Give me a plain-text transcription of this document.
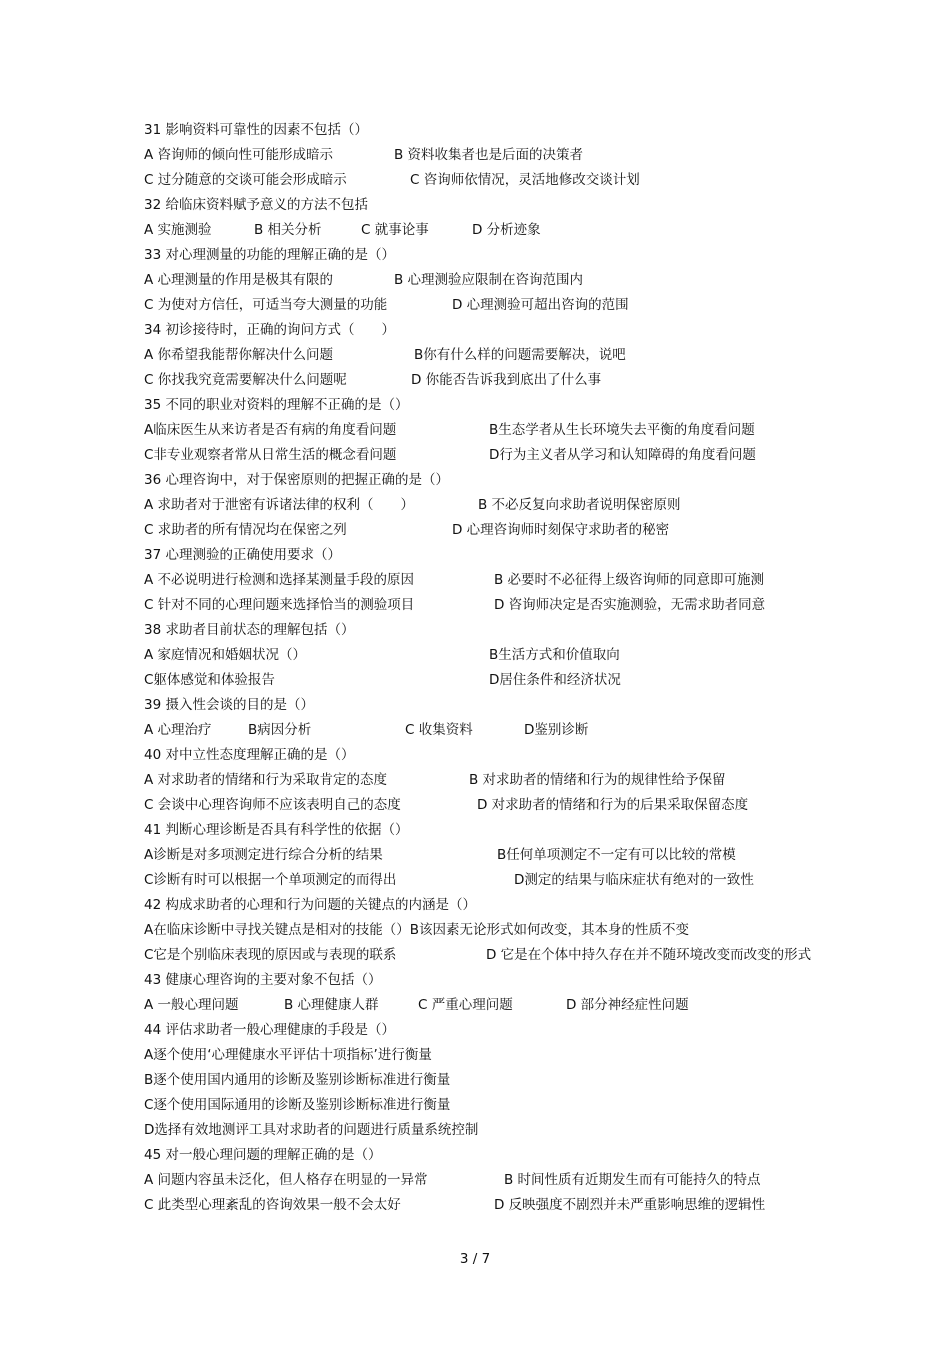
31 影响资料可靠性的因素不包括（）
A 咨询师的倾向性可能形成暗示	B 资料收集者也是后面的决策者
C 过分随意的交谈可能会形成暗示	C 咨询师依情况，灵活地修改交谈计划
32 给临床资料赋予意义的方法不包括
A 实施测验	B 相关分析	C 就事论事	D 分析迹象
33 对心理测量的功能的理解正确的是（）
A 心理测量的作用是极其有限的	B 心理测验应限制在咨询范围内
C 为使对方信任，可适当夸大测量的功能	D 心理测验可超出咨询的范围
34 初诊接待时，正确的询问方式（　　）
A 你希望我能帮你解决什么问题	B你有什么样的问题需要解决，说吧
C 你找我究竟需要解决什么问题呢	D 你能否告诉我到底出了什么事
35 不同的职业对资料的理解不正确的是（）
A临床医生从来访者是否有病的角度看问题	B生态学者从生长环境失去平衡的角度看问题
C非专业观察者常从日常生活的概念看问题	D行为主义者从学习和认知障碍的角度看问题
36 心理咨询中，对于保密原则的把握正确的是（）
A 求助者对于泄密有诉诸法律的权利（　　）	B 不必反复向求助者说明保密原则
C 求助者的所有情况均在保密之列	D 心理咨询师时刻保守求助者的秘密
37 心理测验的正确使用要求（）
A 不必说明进行检测和选择某测量手段的原因	B 必要时不必征得上级咨询师的同意即可施测
C 针对不同的心理问题来选择恰当的测验项目	D 咨询师决定是否实施测验，无需求助者同意
38 求助者目前状态的理解包括（）
A 家庭情况和婚姻状况（）	B生活方式和价值取向
C躯体感觉和体验报告	D居住条件和经济状况
39 摄入性会谈的目的是（）
A 心理治疗	B病因分析	C 收集资料	D鉴别诊断
40 对中立性态度理解正确的是（）
A 对求助者的情绪和行为采取肯定的态度	B 对求助者的情绪和行为的规律性给予保留
C 会谈中心理咨询师不应该表明自己的态度	D 对求助者的情绪和行为的后果采取保留态度
41 判断心理诊断是否具有科学性的依据（）
A诊断是对多项测定进行综合分析的结果	B任何单项测定不一定有可以比较的常模
C诊断有时可以根据一个单项测定的而得出	D测定的结果与临床症状有绝对的一致性
42 构成求助者的心理和行为问题的关键点的内涵是（）
A在临床诊断中寻找关键点是相对的技能（）B该因素无论形式如何改变，其本身的性质不变
C它是个别临床表现的原因或与表现的联系	D 它是在个体中持久存在并不随环境改变而改变的形式
43 健康心理咨询的主要对象不包括（）
A 一般心理问题	B 心理健康人群	C 严重心理问题	D 部分神经症性问题
44 评估求助者一般心理健康的手段是（）
A逐个使用‘心理健康水平评估十项指标’进行衡量
B逐个使用国内通用的诊断及鉴别诊断标准进行衡量
C逐个使用国际通用的诊断及鉴别诊断标准进行衡量
D选择有效地测评工具对求助者的问题进行质量系统控制
45 对一般心理问题的理解正确的是（）
A 问题内容虽未泛化，但人格存在明显的一异常	B 时间性质有近期发生而有可能持久的特点
C 此类型心理紊乱的咨询效果一般不会太好	D 反映强度不剧烈并未严重影响思维的逻辑性
3 / 7
